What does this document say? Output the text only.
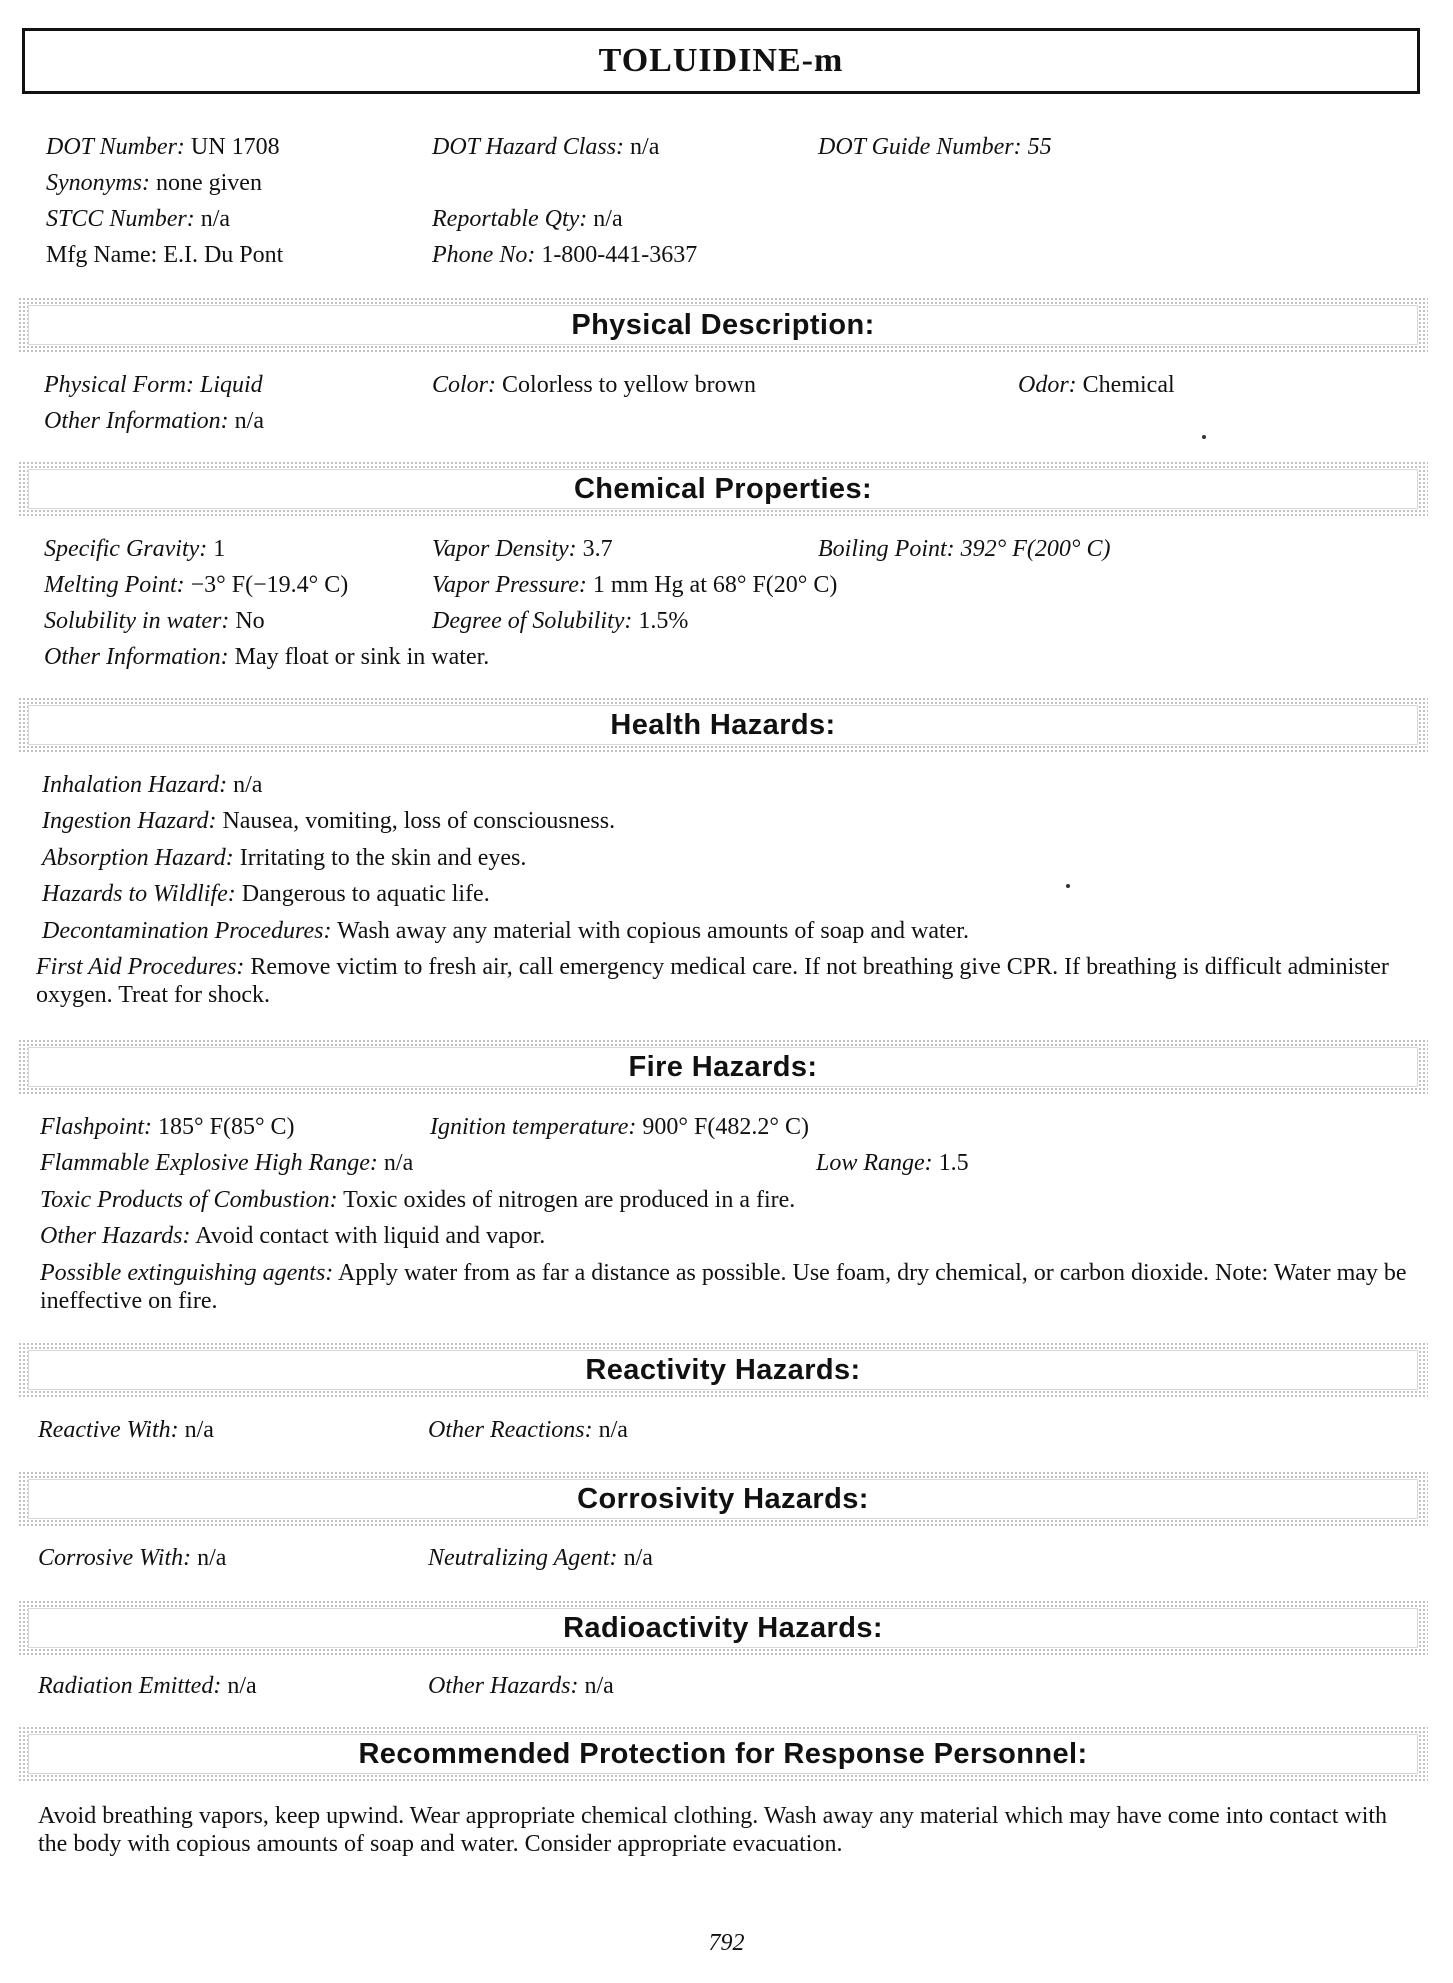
TOLUIDINE-m
DOT Number: UN 1708	DOT Hazard Class: n/a	DOT Guide Number: 55
Synonyms: none given
STCC Number: n/a	Reportable Qty: n/a
Mfg Name: E.I. Du Pont	Phone No: 1-800-441-3637
Physical Description:
Physical Form: Liquid	Color: Colorless to yellow brown	Odor: Chemical
Other Information: n/a
Chemical Properties:
Specific Gravity: 1	Vapor Density: 3.7	Boiling Point: 392° F(200° C)
Melting Point: −3° F(−19.4° C)	Vapor Pressure: 1 mm Hg at 68° F(20° C)
Solubility in water: No	Degree of Solubility: 1.5%
Other Information: May float or sink in water.
Health Hazards:
Inhalation Hazard: n/a
Ingestion Hazard: Nausea, vomiting, loss of consciousness.
Absorption Hazard: Irritating to the skin and eyes.
Hazards to Wildlife: Dangerous to aquatic life.
Decontamination Procedures: Wash away any material with copious amounts of soap and water.
First Aid Procedures: Remove victim to fresh air, call emergency medical care. If not breathing give CPR. If breathing is difficult administer oxygen. Treat for shock.
Fire Hazards:
Flashpoint: 185° F(85° C)	Ignition temperature: 900° F(482.2° C)
Flammable Explosive High Range: n/a	Low Range: 1.5
Toxic Products of Combustion: Toxic oxides of nitrogen are produced in a fire.
Other Hazards: Avoid contact with liquid and vapor.
Possible extinguishing agents: Apply water from as far a distance as possible. Use foam, dry chemical, or carbon dioxide. Note: Water may be ineffective on fire.
Reactivity Hazards:
Reactive With: n/a	Other Reactions: n/a
Corrosivity Hazards:
Corrosive With: n/a	Neutralizing Agent: n/a
Radioactivity Hazards:
Radiation Emitted: n/a	Other Hazards: n/a
Recommended Protection for Response Personnel:
Avoid breathing vapors, keep upwind. Wear appropriate chemical clothing. Wash away any material which may have come into contact with the body with copious amounts of soap and water. Consider appropriate evacuation.
792
